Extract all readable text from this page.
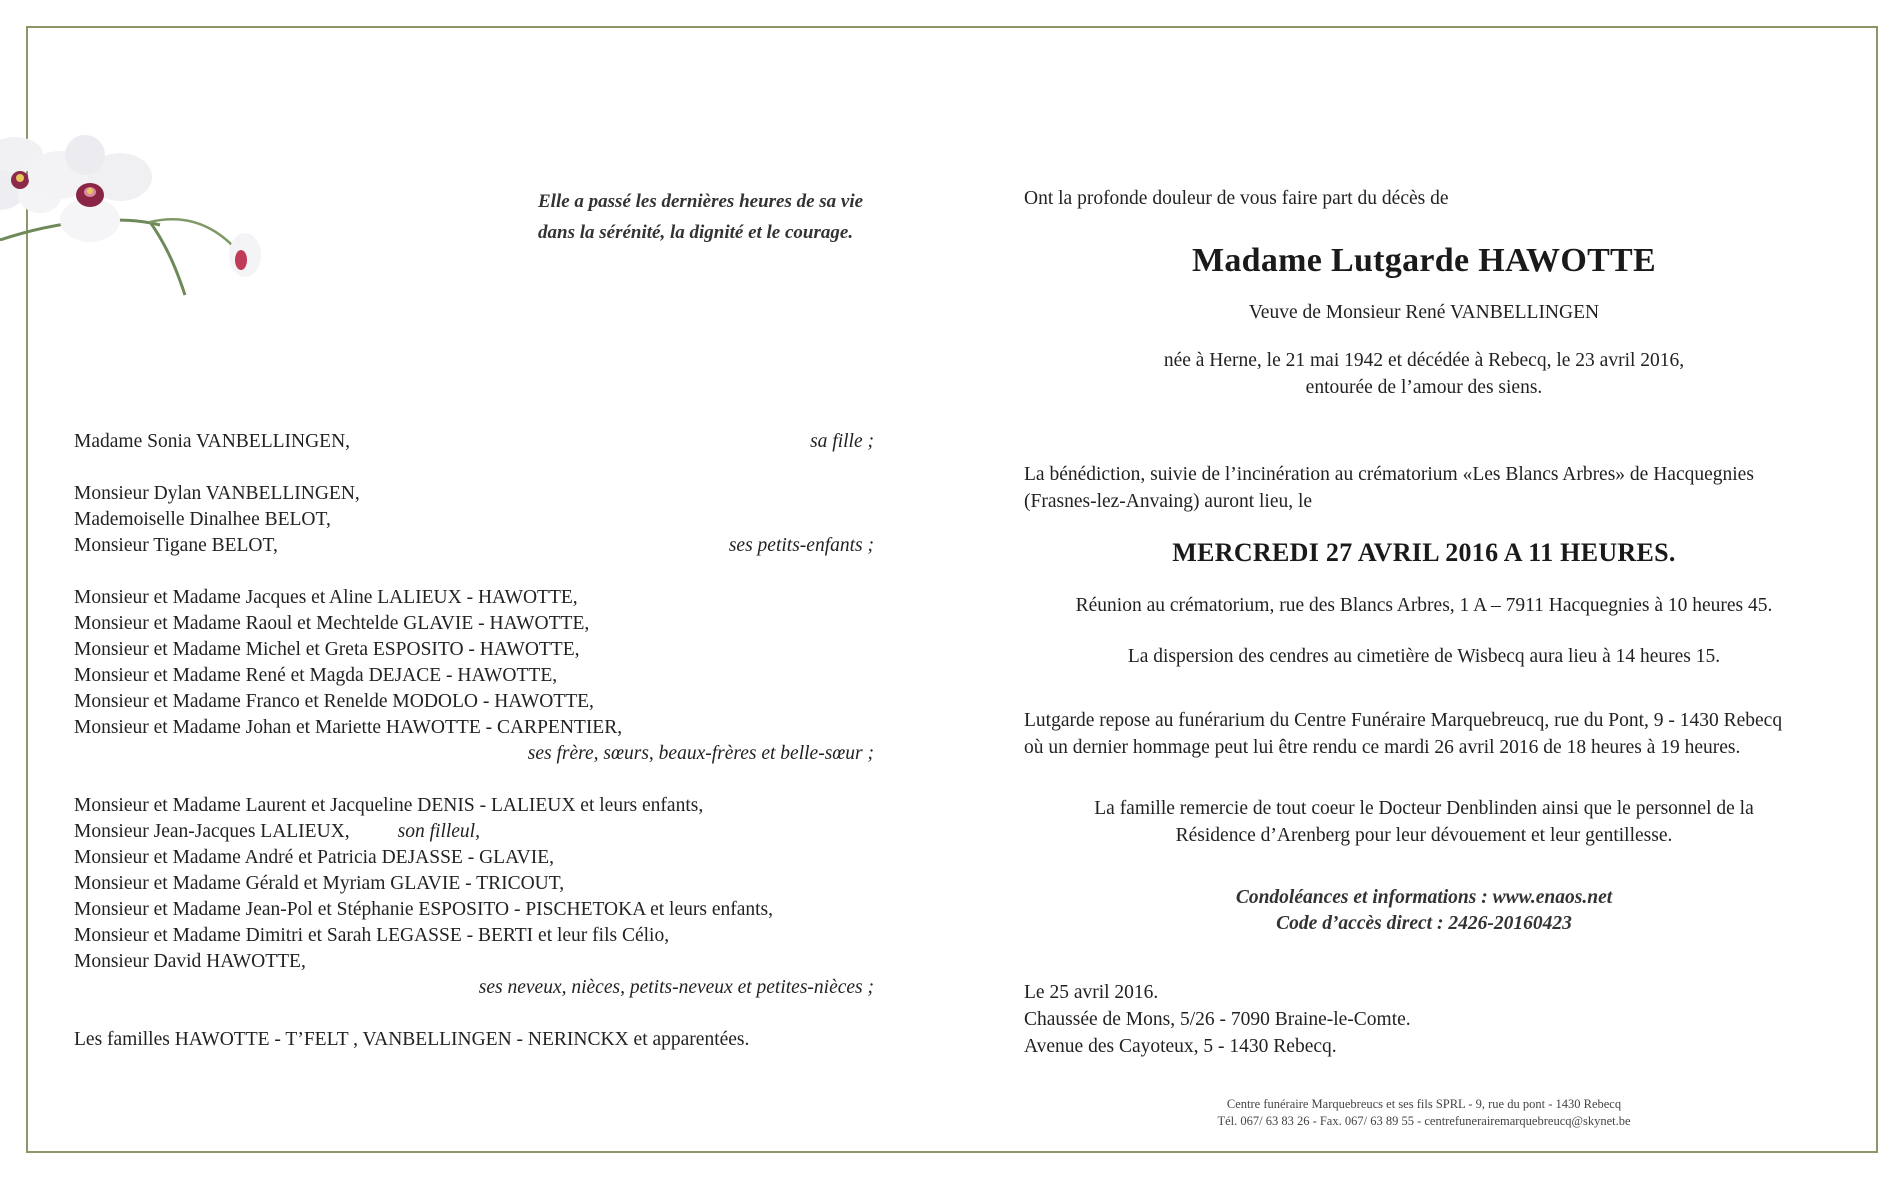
Elle a passé les dernières heures de sa vie
dans la sérénité, la dignité et le courage.
Madame Sonia VANBELLINGEN,	sa fille ;
Monsieur Dylan VANBELLINGEN,
Mademoiselle Dinalhee BELOT,
Monsieur Tigane BELOT,	ses petits-enfants ;
Monsieur et Madame Jacques et Aline LALIEUX - HAWOTTE,
Monsieur et Madame Raoul et Mechtelde GLAVIE - HAWOTTE,
Monsieur et Madame Michel et Greta ESPOSITO - HAWOTTE,
Monsieur et Madame René et Magda DEJACE - HAWOTTE,
Monsieur et Madame Franco et Renelde MODOLO - HAWOTTE,
Monsieur et Madame Johan et Mariette HAWOTTE - CARPENTIER,
ses frère, sœurs, beaux-frères et belle-sœur ;
Monsieur et Madame Laurent et Jacqueline DENIS - LALIEUX et leurs enfants,
Monsieur Jean-Jacques LALIEUX, son filleul,
Monsieur et Madame André et Patricia DEJASSE - GLAVIE,
Monsieur et Madame Gérald et Myriam GLAVIE - TRICOUT,
Monsieur et Madame Jean-Pol et Stéphanie ESPOSITO - PISCHETOKA et leurs enfants,
Monsieur et Madame Dimitri et Sarah LEGASSE - BERTI et leur fils Célio,
Monsieur David HAWOTTE,
ses neveux, nièces, petits-neveux et petites-nièces ;
Les familles HAWOTTE - T’FELT , VANBELLINGEN - NERINCKX et apparentées.
Ont la profonde douleur de vous faire part du décès de
Madame Lutgarde HAWOTTE
Veuve de Monsieur René VANBELLINGEN
née à Herne, le 21 mai 1942 et décédée à Rebecq, le 23 avril 2016,
entourée de l’amour des siens.
La bénédiction, suivie de l’incinération au crématorium «Les Blancs Arbres» de Hacquegnies
(Frasnes-lez-Anvaing) auront lieu, le
MERCREDI 27 AVRIL 2016 A 11 HEURES.
Réunion au crématorium, rue des Blancs Arbres, 1 A – 7911 Hacquegnies à 10 heures 45.
La dispersion des cendres au cimetière de Wisbecq aura lieu à 14 heures 15.
Lutgarde repose au funérarium du Centre Funéraire Marquebreucq, rue du Pont, 9 - 1430 Rebecq
où un dernier hommage peut lui être rendu ce mardi 26 avril 2016 de 18 heures à 19 heures.
La famille remercie de tout coeur le Docteur Denblinden ainsi que le personnel de la
Résidence d’Arenberg pour leur dévouement et leur gentillesse.
Condoléances et informations : www.enaos.net
Code d’accès direct : 2426-20160423
Le 25 avril 2016.
Chaussée de Mons, 5/26 - 7090 Braine-le-Comte.
Avenue des Cayoteux, 5 - 1430 Rebecq.
Centre funéraire Marquebreucs et ses fils SPRL - 9, rue du pont - 1430 Rebecq
Tél. 067/ 63 83 26 - Fax. 067/ 63 89 55 - centrefunerairemarquebreucq@skynet.be
